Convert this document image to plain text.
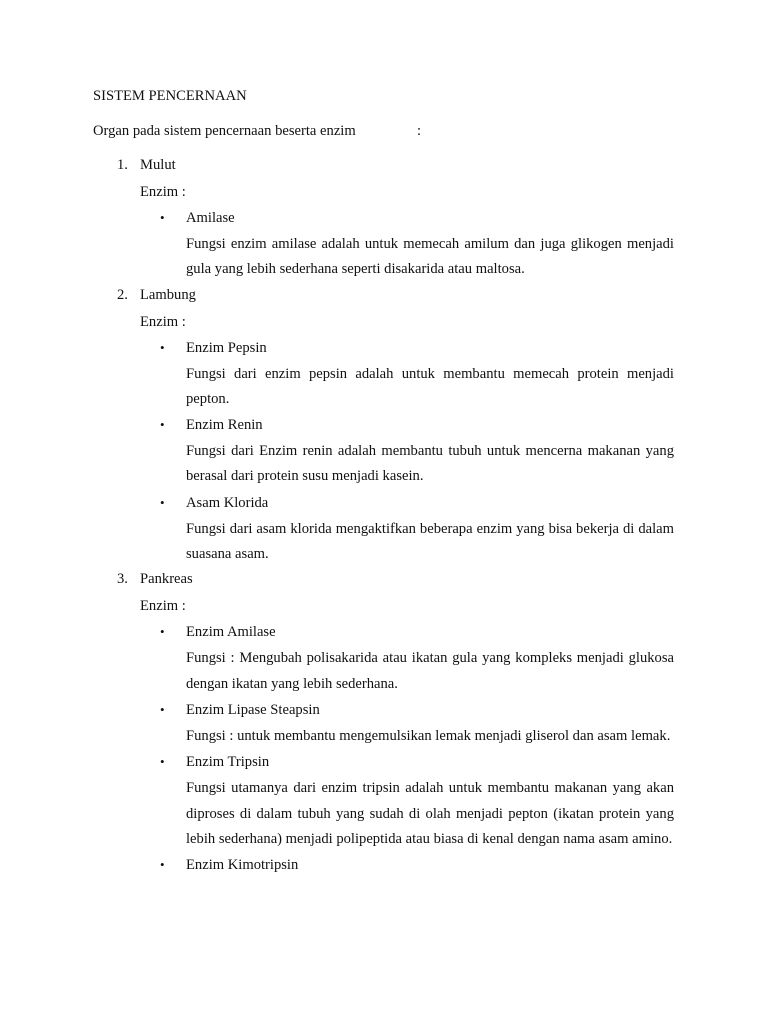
SISTEM PENCERNAAN
Organ pada sistem pencernaan beserta enzim	:
1. Mulut
Enzim :
• Amilase
Fungsi enzim amilase adalah untuk memecah amilum dan juga glikogen menjadi gula yang lebih sederhana seperti disakarida atau maltosa.
2. Lambung
Enzim :
• Enzim Pepsin
Fungsi dari enzim pepsin adalah untuk membantu memecah protein menjadi pepton.
• Enzim Renin
Fungsi dari Enzim renin adalah membantu tubuh untuk mencerna makanan yang berasal dari protein susu menjadi kasein.
• Asam Klorida
Fungsi dari asam klorida mengaktifkan beberapa enzim yang bisa bekerja di dalam suasana asam.
3. Pankreas
Enzim :
• Enzim Amilase
Fungsi : Mengubah polisakarida atau ikatan gula yang kompleks menjadi glukosa dengan ikatan yang lebih sederhana.
• Enzim Lipase Steapsin
Fungsi : untuk membantu mengemulsikan lemak menjadi gliserol dan asam lemak.
• Enzim Tripsin
Fungsi utamanya dari enzim tripsin adalah untuk membantu makanan yang akan diproses di dalam tubuh yang sudah di olah menjadi pepton (ikatan protein yang lebih sederhana) menjadi polipeptida atau biasa di kenal dengan nama asam amino.
• Enzim Kimotripsin
